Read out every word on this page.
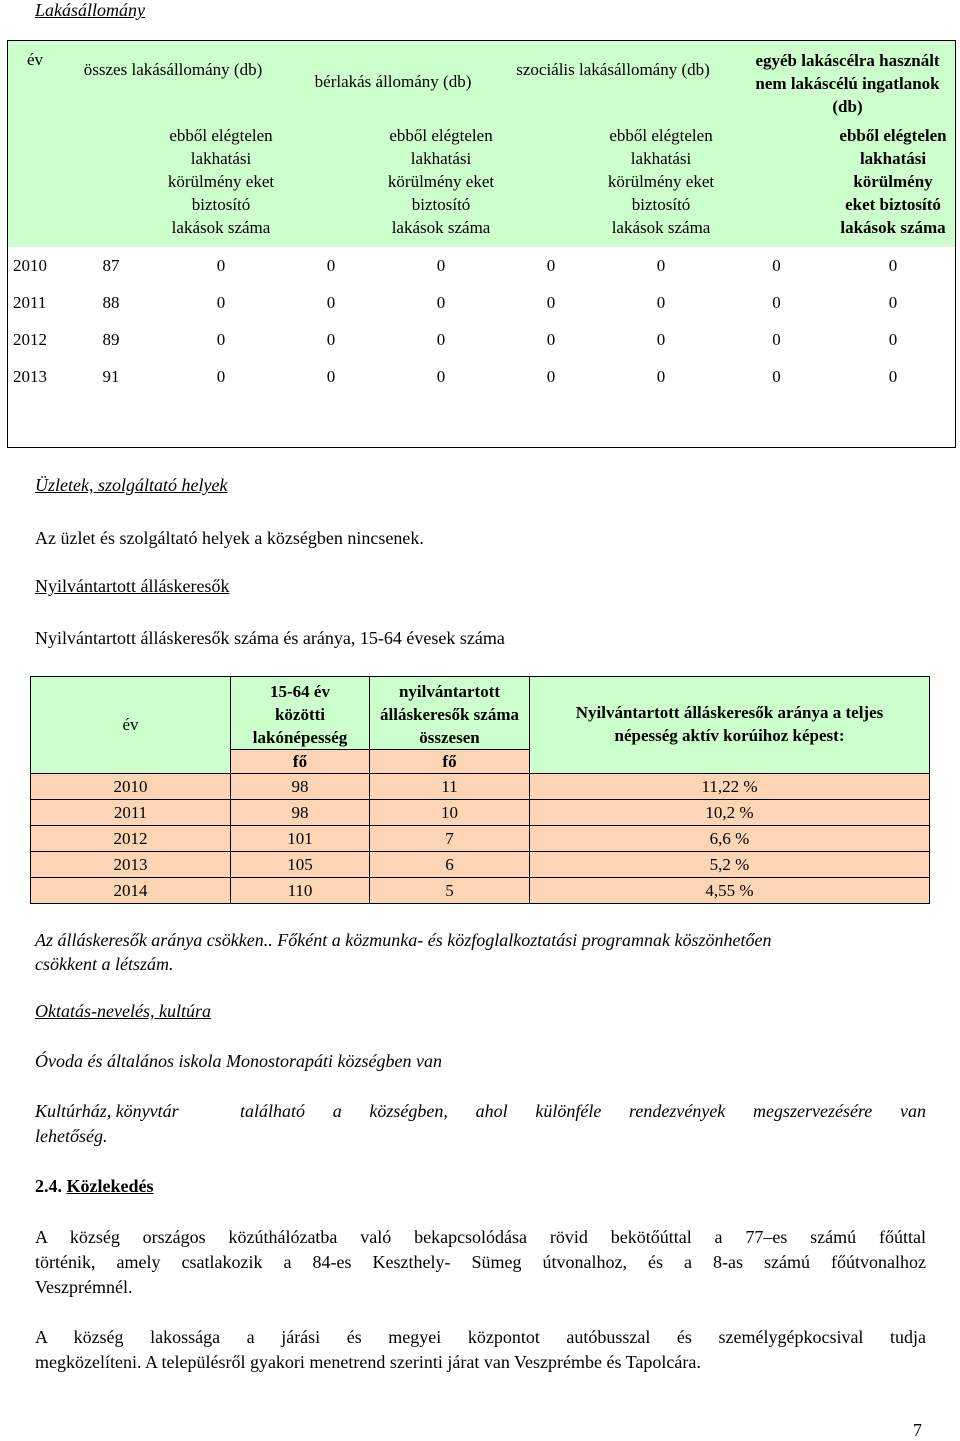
Lakásállomány
év	összes lakásállomány (db)		bérlakás állomány (db)		szociális lakásállomány (db)		egyéb lakáscélra használt nem lakáscélú ingatlanok (db)	
		ebből elégtelen lakhatási körülmény eket biztosító lakások száma		ebből elégtelen lakhatási körülmény eket biztosító lakások száma		ebből elégtelen lakhatási körülmény eket biztosító lakások száma		ebből elégtelen lakhatási körülmény eket biztosító lakások száma
2010	87	0	0	0	0	0	0	0
2011	88	0	0	0	0	0	0	0
2012	89	0	0	0	0	0	0	0
2013	91	0	0	0	0	0	0	0
Üzletek, szolgáltató helyek
Az üzlet és szolgáltató helyek a községben nincsenek.
Nyilvántartott álláskeresők
Nyilvántartott álláskeresők száma és aránya, 15-64 évesek száma
év	15-64 év közötti lakónépesség	nyilvántartott álláskeresők száma összesen	Nyilvántartott álláskeresők aránya a teljes népesség aktív korúihoz képest:
	fő	fő	
2010	98	11	11,22 %
2011	98	10	10,2 %
2012	101	7	6,6 %
2013	105	6	5,2 %
2014	110	5	4,55 %
Az álláskeresők aránya csökken.. Főként a közmunka- és közfoglalkoztatási programnak köszönhetően
csökkent a létszám.
Oktatás-nevelés, kultúra
Óvoda és általános iskola Monostorapáti községben van
Kultúrház, könyvtár	található a községben, ahol különféle rendezvények megszervezésére van
lehetőség.
2.4. Közlekedés
A község országos közúthálózatba való bekapcsolódása rövid bekötőúttal a 77–es számú főúttal
történik, amely csatlakozik a 84-es Keszthely- Sümeg útvonalhoz, és a 8-as számú főútvonalhoz
Veszprémnél.
A község lakossága a járási és megyei központot autóbusszal és személygépkocsival tudja
megközelíteni. A településről gyakori menetrend szerinti járat van Veszprémbe és Tapolcára.
7
